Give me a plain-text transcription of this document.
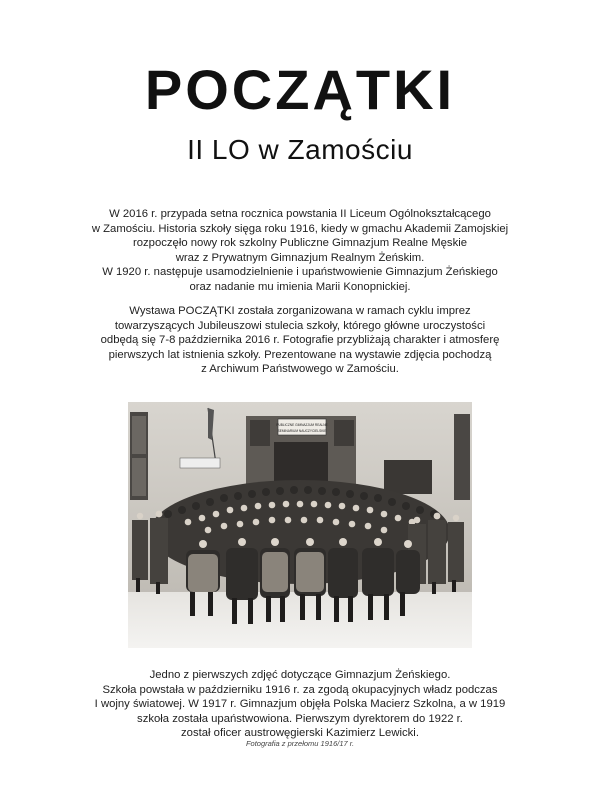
POCZĄTKI
II LO w Zamościu
W 2016 r. przypada setna rocznica powstania II Liceum Ogólnokształcącego
w Zamościu. Historia szkoły sięga roku 1916, kiedy w gmachu Akademii Zamojskiej
rozpoczęło nowy rok szkolny Publiczne Gimnazjum Realne Męskie
wraz z Prywatnym Gimnazjum Realnym Żeńskim.
W 1920 r. następuje usamodzielnienie i upaństwowienie Gimnazjum Żeńskiego
oraz nadanie mu imienia Marii Konopnickiej.
Wystawa POCZĄTKI została zorganizowana w ramach cyklu imprez
towarzyszących Jubileuszowi stulecia szkoły, którego główne uroczystości
odbędą się 7-8 października 2016 r. Fotografie przybliżają charakter i atmosferę
pierwszych lat istnienia szkoły. Prezentowane na wystawie zdjęcia pochodzą
z Archiwum Państwowego w Zamościu.
PUBLICZNE GIMNAZJUM REALNE
SEMINARIUM NAUCZYCIELSKIE
Jedno z pierwszych zdjęć dotyczące Gimnazjum Żeńskiego.
Szkoła powstała w październiku 1916 r. za zgodą okupacyjnych władz podczas
I wojny światowej. W 1917 r. Gimnazjum objęła Polska Macierz Szkolna, a w 1919
szkoła została upaństwowiona. Pierwszym dyrektorem do 1922 r.
został oficer austrowęgierski Kazimierz Lewicki.
Fotografia z przełomu 1916/17 r.
